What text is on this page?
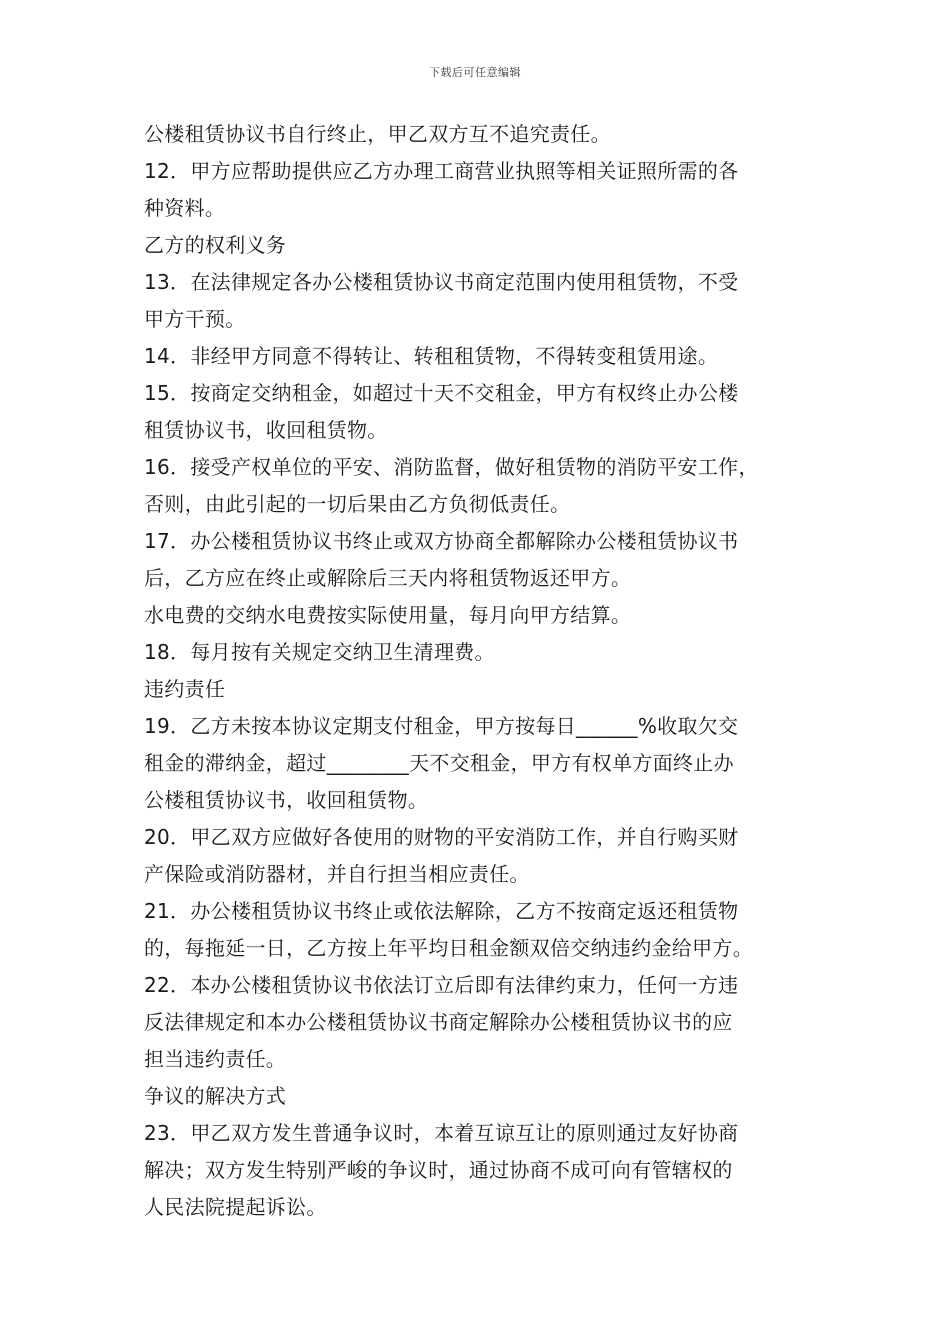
下载后可任意编辑
公楼租赁协议书自行终止，甲乙双方互不追究责任。
12．甲方应帮助提供应乙方办理工商营业执照等相关证照所需的各
种资料。
乙方的权利义务
13．在法律规定各办公楼租赁协议书商定范围内使用租赁物，不受
甲方干预。
14．非经甲方同意不得转让、转租租赁物，不得转变租赁用途。
15．按商定交纳租金，如超过十天不交租金，甲方有权终止办公楼
租赁协议书，收回租赁物。
16．接受产权单位的平安、消防监督，做好租赁物的消防平安工作，
否则，由此引起的一切后果由乙方负彻低责任。
17．办公楼租赁协议书终止或双方协商全都解除办公楼租赁协议书
后，乙方应在终止或解除后三天内将租赁物返还甲方。
水电费的交纳水电费按实际使用量，每月向甲方结算。
18．每月按有关规定交纳卫生清理费。
违约责任
19．乙方未按本协议定期支付租金，甲方按每日______%收取欠交
租金的滞纳金，超过________天不交租金，甲方有权单方面终止办
公楼租赁协议书，收回租赁物。
20．甲乙双方应做好各使用的财物的平安消防工作，并自行购买财
产保险或消防器材，并自行担当相应责任。
21．办公楼租赁协议书终止或依法解除，乙方不按商定返还租赁物
的，每拖延一日，乙方按上年平均日租金额双倍交纳违约金给甲方。
22．本办公楼租赁协议书依法订立后即有法律约束力，任何一方违
反法律规定和本办公楼租赁协议书商定解除办公楼租赁协议书的应
担当违约责任。
争议的解决方式
23．甲乙双方发生普通争议时，本着互谅互让的原则通过友好协商
解决；双方发生特别严峻的争议时，通过协商不成可向有管辖权的
人民法院提起诉讼。
